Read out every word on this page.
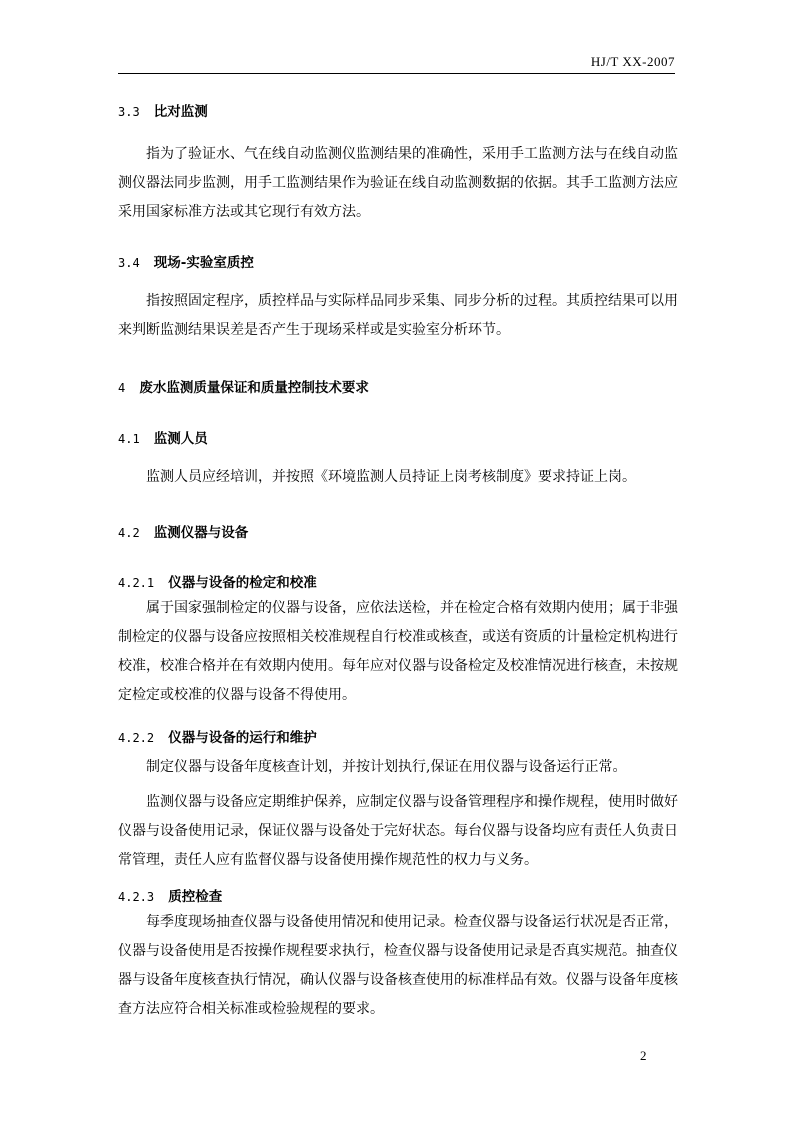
HJ/T XX-2007
3.3 比对监测
指为了验证水、气在线自动监测仪监测结果的准确性，采用手工监测方法与在线自动监测仪器法同步监测，用手工监测结果作为验证在线自动监测数据的依据。其手工监测方法应采用国家标准方法或其它现行有效方法。
3.4 现场-实验室质控
指按照固定程序，质控样品与实际样品同步采集、同步分析的过程。其质控结果可以用来判断监测结果误差是否产生于现场采样或是实验室分析环节。
4 废水监测质量保证和质量控制技术要求
4.1 监测人员
监测人员应经培训，并按照《环境监测人员持证上岗考核制度》要求持证上岗。
4.2 监测仪器与设备
4.2.1 仪器与设备的检定和校准
属于国家强制检定的仪器与设备，应依法送检，并在检定合格有效期内使用；属于非强制检定的仪器与设备应按照相关校准规程自行校准或核查，或送有资质的计量检定机构进行校准，校准合格并在有效期内使用。每年应对仪器与设备检定及校准情况进行核查，未按规定检定或校准的仪器与设备不得使用。
4.2.2 仪器与设备的运行和维护
制定仪器与设备年度核查计划，并按计划执行,保证在用仪器与设备运行正常。
监测仪器与设备应定期维护保养，应制定仪器与设备管理程序和操作规程，使用时做好仪器与设备使用记录，保证仪器与设备处于完好状态。每台仪器与设备均应有责任人负责日常管理，责任人应有监督仪器与设备使用操作规范性的权力与义务。
4.2.3 质控检查
每季度现场抽查仪器与设备使用情况和使用记录。检查仪器与设备运行状况是否正常，仪器与设备使用是否按操作规程要求执行，检查仪器与设备使用记录是否真实规范。抽查仪器与设备年度核查执行情况，确认仪器与设备核查使用的标准样品有效。仪器与设备年度核查方法应符合相关标准或检验规程的要求。
2
